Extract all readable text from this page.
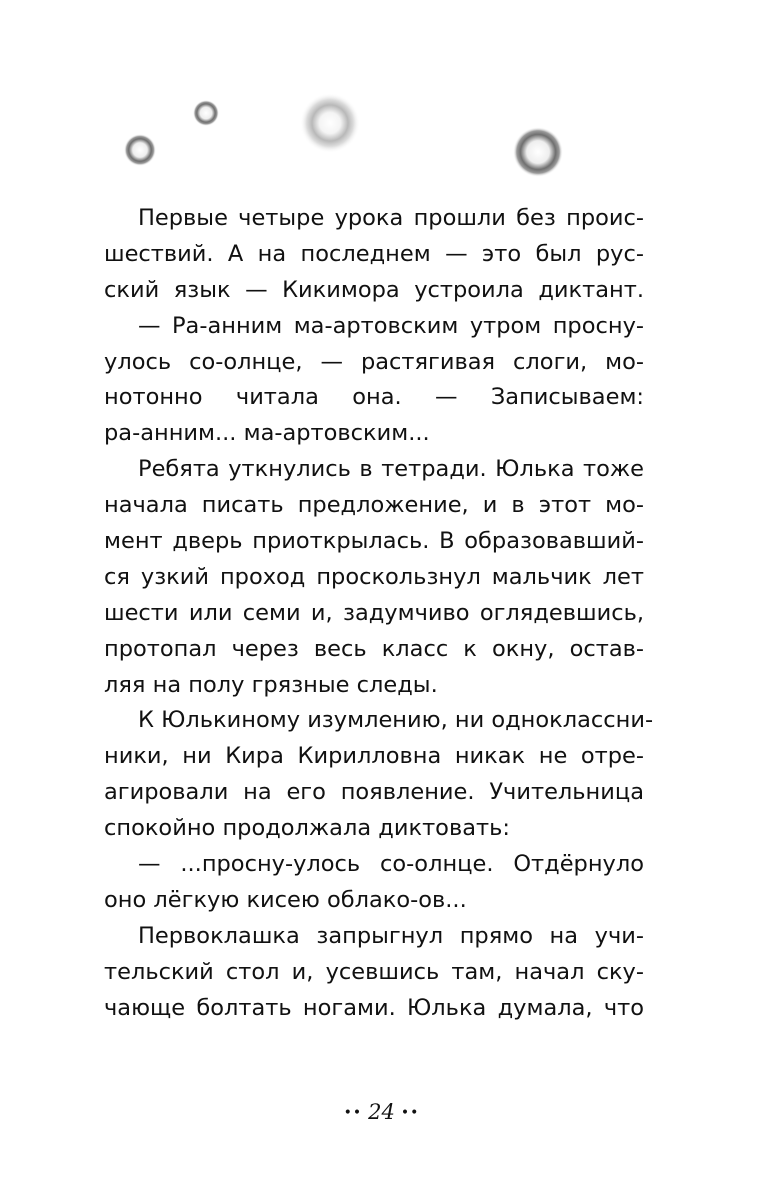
Первые четыре урока прошли без проис-
шествий. А на последнем — это был рус-
ский язык — Кикимора устроила диктант.
— Ра-анним ма-артовским утром просну-
улось со-олнце, — растягивая слоги, мо-
нотонно читала она. — Записываем:
ра-анним... ма-артовским...
Ребята уткнулись в тетради. Юлька тоже
начала писать предложение, и в этот мо-
мент дверь приоткрылась. В образовавший-
ся узкий проход проскользнул мальчик лет
шести или семи и, задумчиво оглядевшись,
протопал через весь класс к окну, остав-
ляя на полу грязные следы.
К Юлькиному изумлению, ни одноклассни-
ники, ни Кира Кирилловна никак не отре-
агировали на его появление. Учительница
спокойно продолжала диктовать:
— ...просну-улось со-олнце. Отдёрнуло
оно лёгкую кисею облако-ов...
Первоклашка запрыгнул прямо на учи-
тельский стол и, усевшись там, начал ску-
чающе болтать ногами. Юлька думала, что
•• 24 ••
